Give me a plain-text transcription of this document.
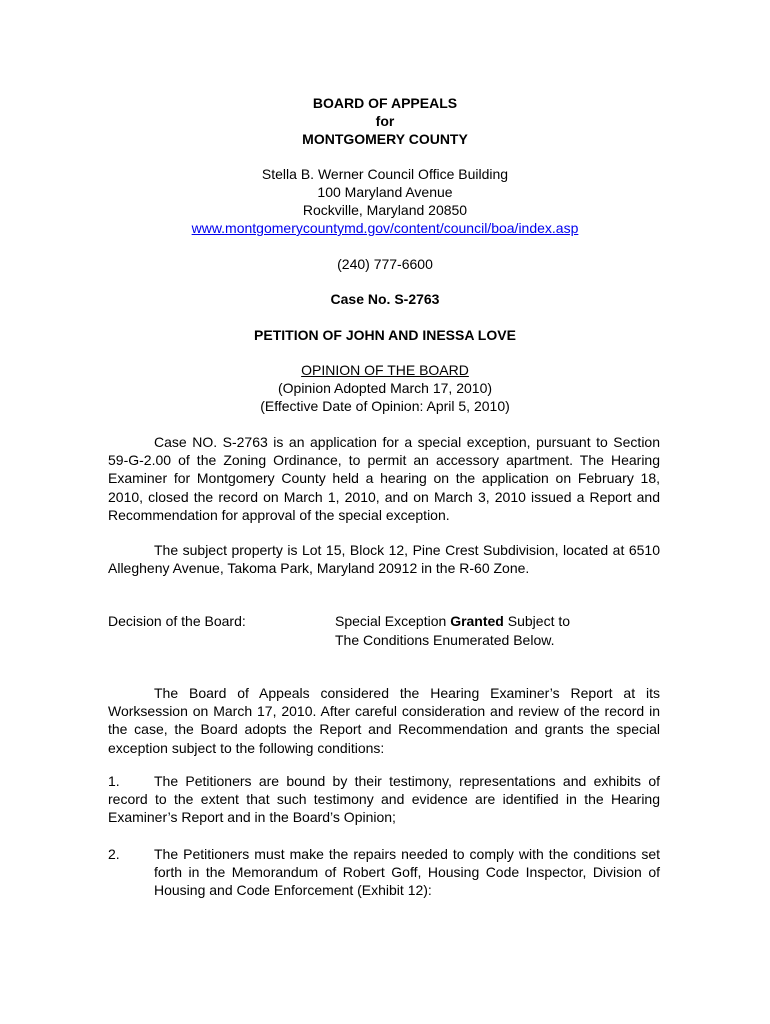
BOARD OF APPEALS
for
MONTGOMERY COUNTY
Stella B. Werner Council Office Building
100 Maryland Avenue
Rockville, Maryland 20850
www.montgomerycountymd.gov/content/council/boa/index.asp
(240) 777-6600
Case No. S-2763
PETITION OF JOHN AND INESSA LOVE
OPINION OF THE BOARD
(Opinion Adopted March 17, 2010)
(Effective Date of Opinion: April 5, 2010)
Case NO. S-2763 is an application for a special exception, pursuant to Section 59-G-2.00 of the Zoning Ordinance, to permit an accessory apartment. The Hearing Examiner for Montgomery County held a hearing on the application on February 18, 2010, closed the record on March 1, 2010, and on March 3, 2010 issued a Report and Recommendation for approval of the special exception.
The subject property is Lot 15, Block 12, Pine Crest Subdivision, located at 6510 Allegheny Avenue, Takoma Park, Maryland 20912 in the R-60 Zone.
Decision of the Board:	Special Exception Granted Subject to
The Conditions Enumerated Below.
The Board of Appeals considered the Hearing Examiner’s Report at its Worksession on March 17, 2010. After careful consideration and review of the record in the case, the Board adopts the Report and Recommendation and grants the special exception subject to the following conditions:
1.	The Petitioners are bound by their testimony, representations and exhibits of record to the extent that such testimony and evidence are identified in the Hearing Examiner’s Report and in the Board’s Opinion;
2. The Petitioners must make the repairs needed to comply with the conditions set forth in the Memorandum of Robert Goff, Housing Code Inspector, Division of Housing and Code Enforcement (Exhibit 12):
